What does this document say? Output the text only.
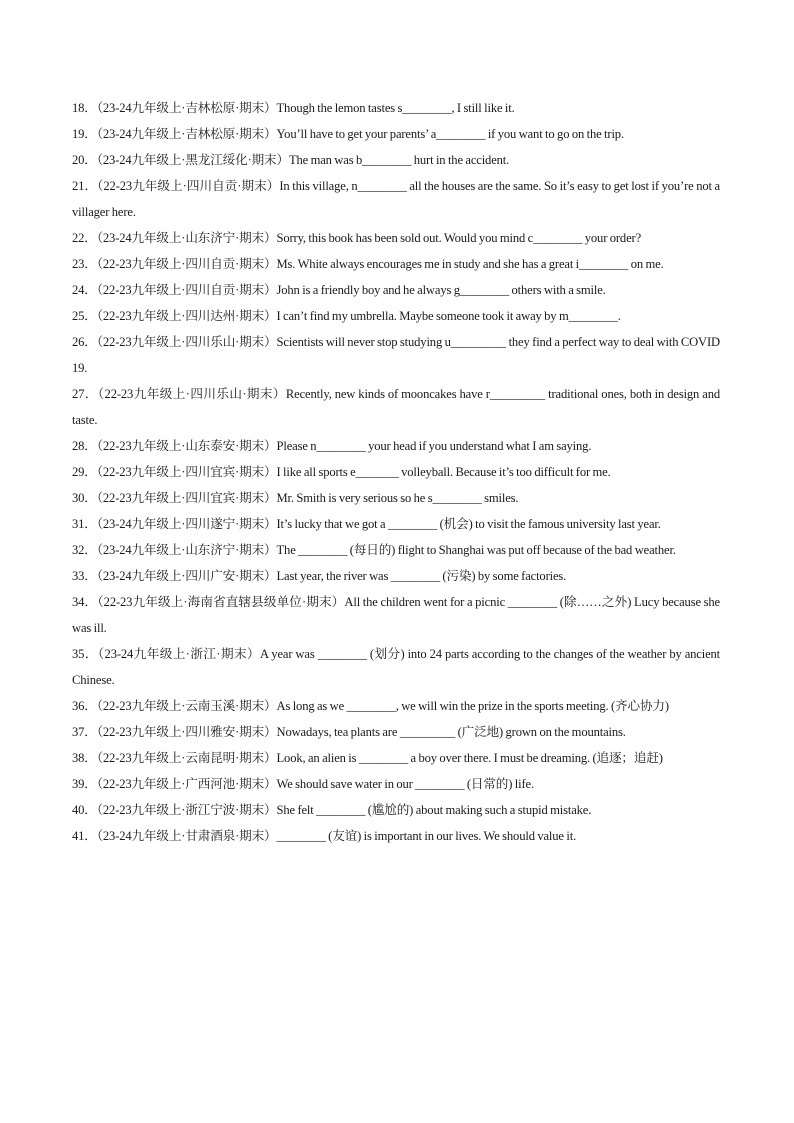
18．（23-24九年级上·吉林松原·期末）Though the lemon tastes s________, I still like it.
19．（23-24九年级上·吉林松原·期末）You’ll have to get your parents’ a________ if you want to go on the trip.
20．（23-24九年级上·黑龙江绥化·期末）The man was b________ hurt in the accident.
21．（22-23九年级上·四川自贡·期末）In this village, n________ all the houses are the same. So it’s easy to get lost if you’re not a villager here.
22．（23-24九年级上·山东济宁·期末）Sorry, this book has been sold out. Would you mind c________ your order?
23．（22-23九年级上·四川自贡·期末）Ms. White always encourages me in study and she has a great i________ on me.
24．（22-23九年级上·四川自贡·期末）John is a friendly boy and he always g________ others with a smile.
25．（22-23九年级上·四川达州·期末）I can’t find my umbrella. Maybe someone took it away by m________.
26．（22-23九年级上·四川乐山·期末）Scientists will never stop studying u_________ they find a perfect way to deal with COVID 19.
27．（22-23九年级上·四川乐山·期末）Recently, new kinds of mooncakes have r_________ traditional ones, both in design and taste.
28．（22-23九年级上·山东泰安·期末）Please n________ your head if you understand what I am saying.
29．（22-23九年级上·四川宜宾·期末）I like all sports e_______ volleyball. Because it’s too difficult for me.
30．（22-23九年级上·四川宜宾·期末）Mr. Smith is very serious so he s________ smiles.
31．（23-24九年级上·四川遂宁·期末）It’s lucky that we got a ________ (机会) to visit the famous university last year.
32．（23-24九年级上·山东济宁·期末）The ________ (每日的) flight to Shanghai was put off because of the bad weather.
33．（23-24九年级上·四川广安·期末）Last year, the river was ________ (污染) by some factories.
34．（22-23九年级上·海南省直辖县级单位·期末）All the children went for a picnic ________ (除……之外) Lucy because she was ill.
35．（23-24九年级上·浙江·期末）A year was ________ (划分) into 24 parts according to the changes of the weather by ancient Chinese.
36．（22-23九年级上·云南玉溪·期末）As long as we ________, we will win the prize in the sports meeting. (齐心协力)
37．（22-23九年级上·四川雅安·期末）Nowadays, tea plants are _________ (广泛地) grown on the mountains.
38．（22-23九年级上·云南昆明·期末）Look, an alien is ________ a boy over there. I must be dreaming. (追逐；追赶)
39．（22-23九年级上·广西河池·期末）We should save water in our ________ (日常的) life.
40．（22-23九年级上·浙江宁波·期末）She felt ________ (尴尬的) about making such a stupid mistake.
41．（23-24九年级上·甘肃酒泉·期末）________ (友谊) is important in our lives. We should value it.
